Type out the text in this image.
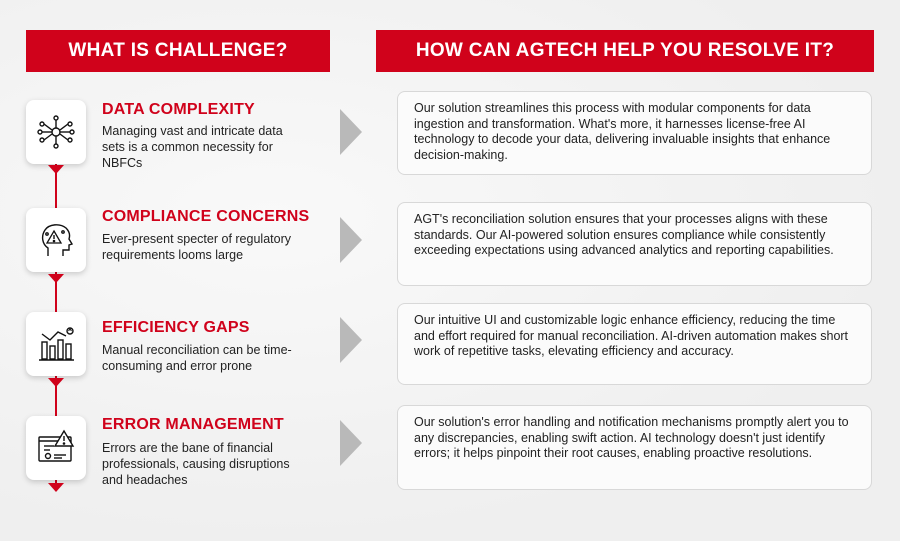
WHAT IS CHALLENGE?	HOW CAN AGTECH HELP YOU RESOLVE IT?
DATA COMPLEXITY
Managing vast and intricate data sets is a common necessity for NBFCs
Our solution streamlines this process with modular components for data ingestion and transformation. What's more, it harnesses license-free AI technology to decode your data, delivering invaluable insights that enhance decision-making.
COMPLIANCE CONCERNS
Ever-present specter of regulatory requirements looms large
AGT's reconciliation solution ensures that your processes aligns with these standards. Our AI-powered solution ensures compliance while consistently exceeding expectations using advanced analytics and reporting capabilities.
EFFICIENCY GAPS
Manual reconciliation can be time-consuming and error prone
Our intuitive UI and customizable logic enhance efficiency, reducing the time and effort required for manual reconciliation. AI-driven automation makes short work of repetitive tasks, elevating efficiency and accuracy.
ERROR MANAGEMENT
Errors are the bane of financial professionals, causing disruptions and headaches
Our solution's error handling and notification mechanisms promptly alert you to any discrepancies, enabling swift action. AI technology doesn't just identify errors; it helps pinpoint their root causes, enabling proactive resolutions.
